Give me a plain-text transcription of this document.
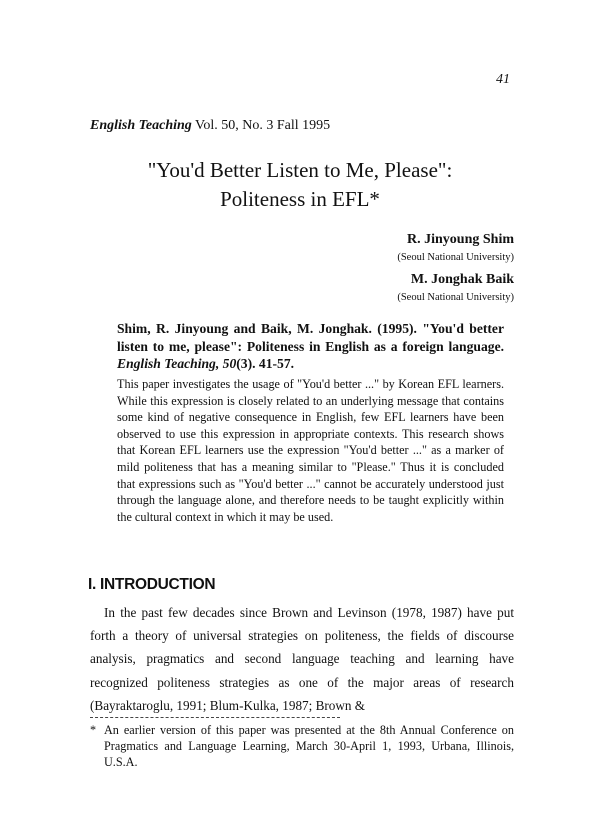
41
English Teaching Vol. 50, No. 3 Fall 1995
"You'd Better Listen to Me, Please":
Politeness in EFL*
R. Jinyoung Shim
(Seoul National University)
M. Jonghak Baik
(Seoul National University)
Shim, R. Jinyoung and Baik, M. Jonghak. (1995). "You'd better listen to me, please": Politeness in English as a foreign language. English Teaching, 50(3). 41-57.
This paper investigates the usage of "You'd better ..." by Korean EFL learners. While this expression is closely related to an underlying message that contains some kind of negative consequence in English, few EFL learners have been observed to use this expression in appropriate contexts. This research shows that Korean EFL learners use the expression "You'd better ..." as a marker of mild politeness that has a meaning similar to "Please." Thus it is concluded that expressions such as "You'd better ..." cannot be accurately understood just through the language alone, and therefore needs to be taught explicitly within the cultural context in which it may be used.
I. INTRODUCTION
In the past few decades since Brown and Levinson (1978, 1987) have put forth a theory of universal strategies on politeness, the fields of discourse analysis, pragmatics and second language teaching and learning have recognized politeness strategies as one of the major areas of research (Bayraktaroglu, 1991; Blum-Kulka, 1987; Brown &
* An earlier version of this paper was presented at the 8th Annual Conference on Pragmatics and Language Learning, March 30-April 1, 1993, Urbana, Illinois, U.S.A.
